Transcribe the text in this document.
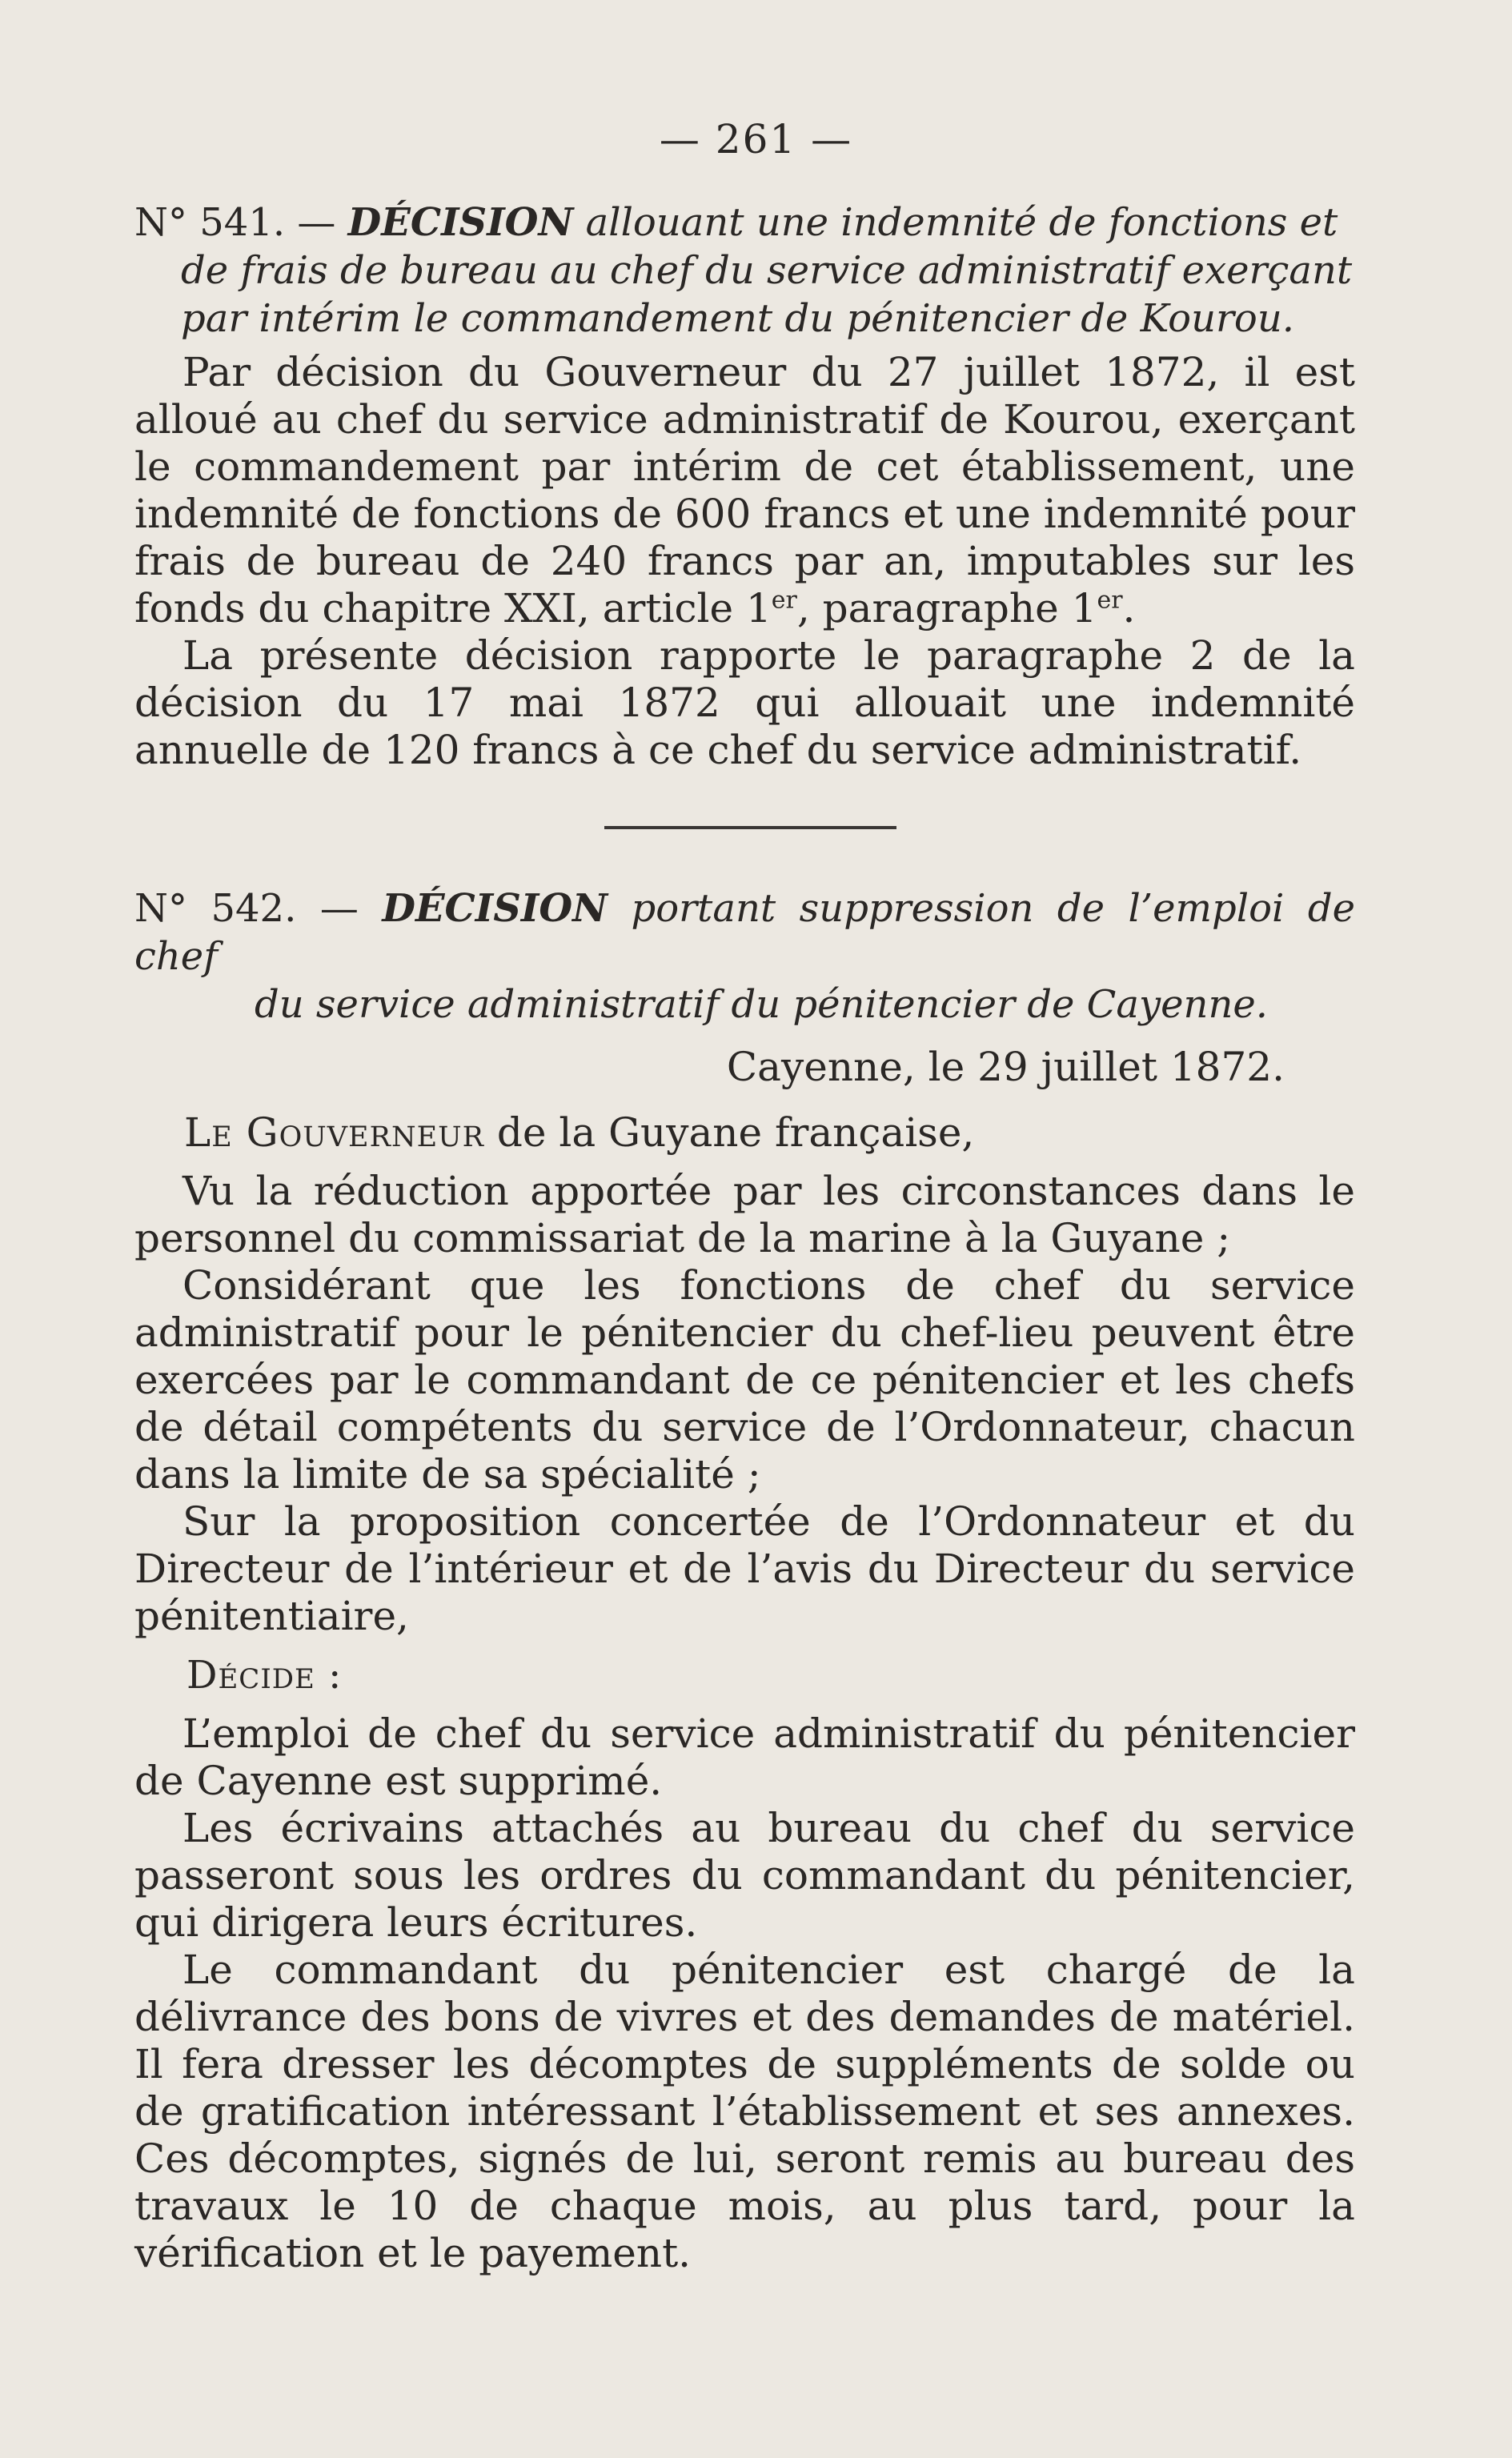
— 261 —
N° 541. — DÉCISION allouant une indemnité de fonctions et
de frais de bureau au chef du service administratif exerçant
par intérim le commandement du pénitencier de Kourou.

Par décision du Gouverneur du 27 juillet 1872, il est alloué au chef du service administratif de Kourou, exerçant le commandement par intérim de cet établissement, une indemnité de fonctions de 600 francs et une indemnité pour frais de bureau de 240 francs par an, imputables sur les fonds du chapitre XXI, article 1er, paragraphe 1er.

La présente décision rapporte le paragraphe 2 de la décision du 17 mai 1872 qui allouait une indemnité annuelle de 120 francs à ce chef du service administratif.

N° 542. — DÉCISION portant suppression de l’emploi de chef
du service administratif du pénitencier de Cayenne.
Cayenne, le 29 juillet 1872.
Le Gouverneur de la Guyane française,

Vu la réduction apportée par les circonstances dans le personnel du commissariat de la marine à la Guyane ;

Considérant que les fonctions de chef du service administratif pour le pénitencier du chef-lieu peuvent être exercées par le commandant de ce pénitencier et les chefs de détail compétents du service de l’Ordonnateur, chacun dans la limite de sa spécialité ;

Sur la proposition concertée de l’Ordonnateur et du Directeur de l’intérieur et de l’avis du Directeur du service pénitentiaire,

Décide :

L’emploi de chef du service administratif du pénitencier de Cayenne est supprimé.

Les écrivains attachés au bureau du chef du service passeront sous les ordres du commandant du pénitencier, qui dirigera leurs écritures.

Le commandant du pénitencier est chargé de la délivrance des bons de vivres et des demandes de matériel. Il fera dresser les décomptes de suppléments de solde ou de gratification intéressant l’établissement et ses annexes. Ces décomptes, signés de lui, seront remis au bureau des travaux le 10 de chaque mois, au plus tard, pour la vérification et le payement.
